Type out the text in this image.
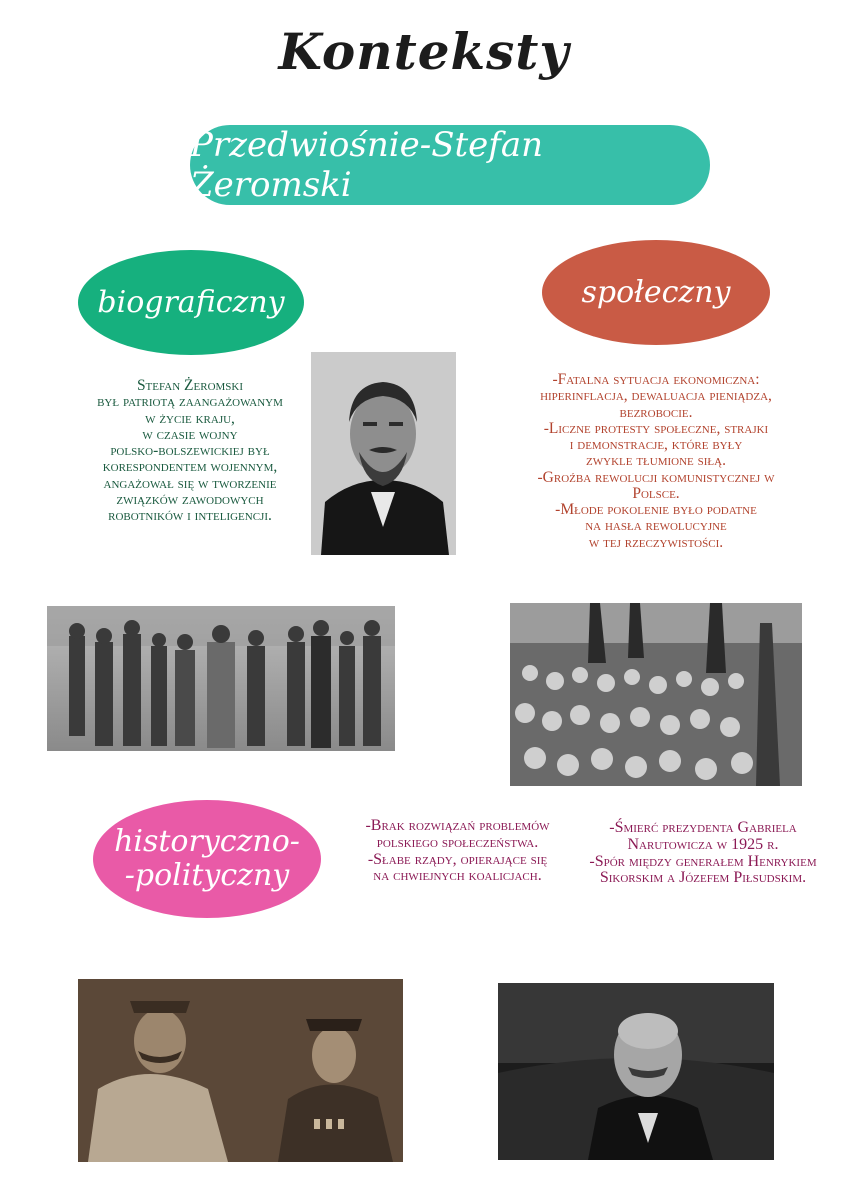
Konteksty
Przedwiośnie-Stefan Żeromski
biograficzny
Stefan Żeromski
był patriotą zaangażowanym
w życie kraju,
w czasie wojny
polsko-bolszewickiej był
korespondentem wojennym,
angażował się w tworzenie
związków zawodowych
robotników i inteligencji.
społeczny
-Fatalna sytuacja ekonomiczna:
hiperinflacja, dewaluacja pieniądza,
bezrobocie.
-Liczne protesty społeczne, strajki
i demonstracje, które były
zwykle tłumione siłą.
-Groźba rewolucji komunistycznej w
Polsce.
-Młode pokolenie było podatne
na hasła rewolucyjne
w tej rzeczywistości.
historyczno-
-polityczny
-Brak rozwiązań problemów
polskiego społeczeństwa.
-Słabe rządy, opierające się
na chwiejnych koalicjach.
-Śmierć prezydenta Gabriela
Narutowicza w 1925 r.
-Spór między generałem Henrykiem
Sikorskim a Józefem Piłsudskim.
